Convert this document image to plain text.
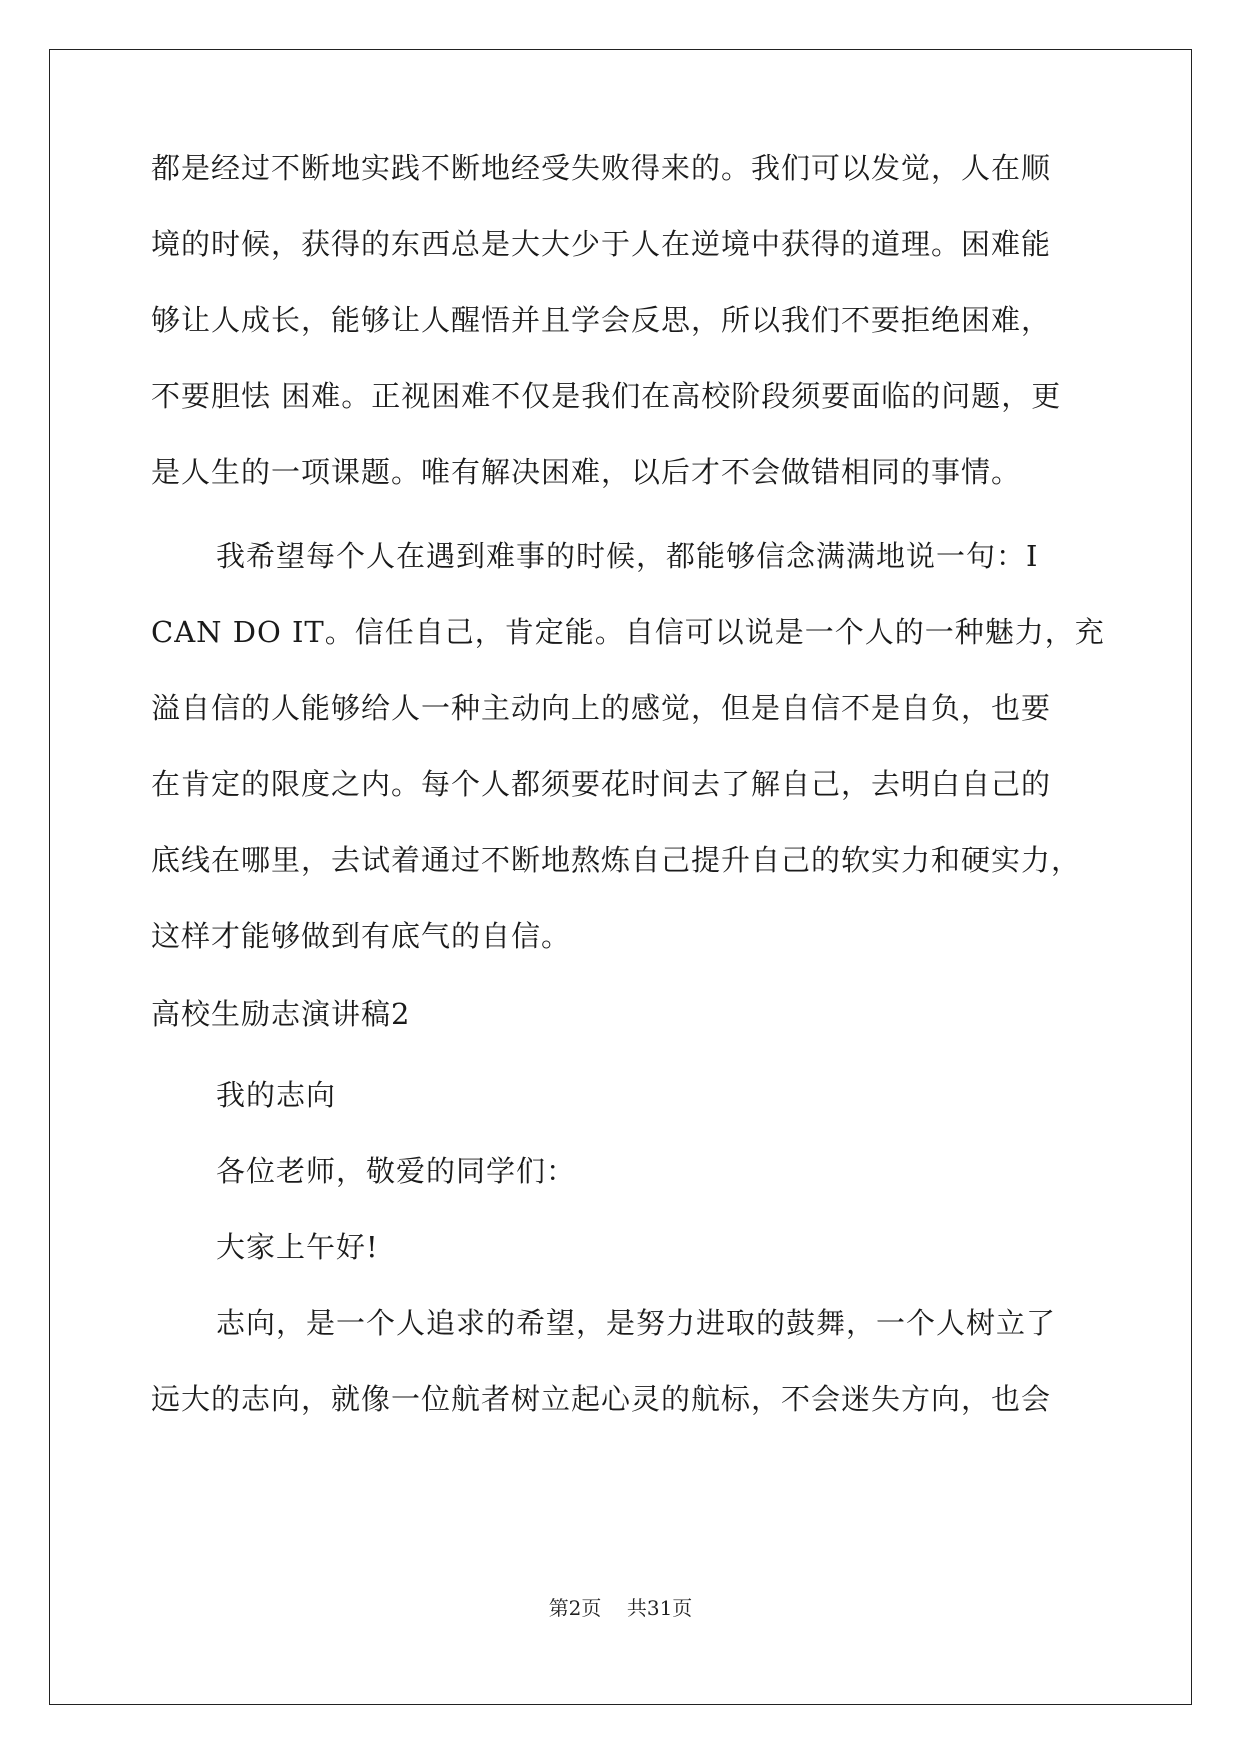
都是经过不断地实践不断地经受失败得来的。我们可以发觉，人在顺
境的时候，获得的东西总是大大少于人在逆境中获得的道理。困难能
够让人成长，能够让人醒悟并且学会反思，所以我们不要拒绝困难，
不要胆怯 困难。正视困难不仅是我们在高校阶段须要面临的问题，更
是人生的一项课题。唯有解决困难，以后才不会做错相同的事情。
我希望每个人在遇到难事的时候，都能够信念满满地说一句：I
CAN DO IT。信任自己，肯定能。自信可以说是一个人的一种魅力，充
溢自信的人能够给人一种主动向上的感觉，但是自信不是自负，也要
在肯定的限度之内。每个人都须要花时间去了解自己，去明白自己的
底线在哪里，去试着通过不断地熬炼自己提升自己的软实力和硬实力，
这样才能够做到有底气的自信。
高校生励志演讲稿2
我的志向
各位老师，敬爱的同学们：
大家上午好!
志向，是一个人追求的希望，是努力进取的鼓舞，一个人树立了
远大的志向，就像一位航者树立起心灵的航标，不会迷失方向，也会
第2页    共31页
